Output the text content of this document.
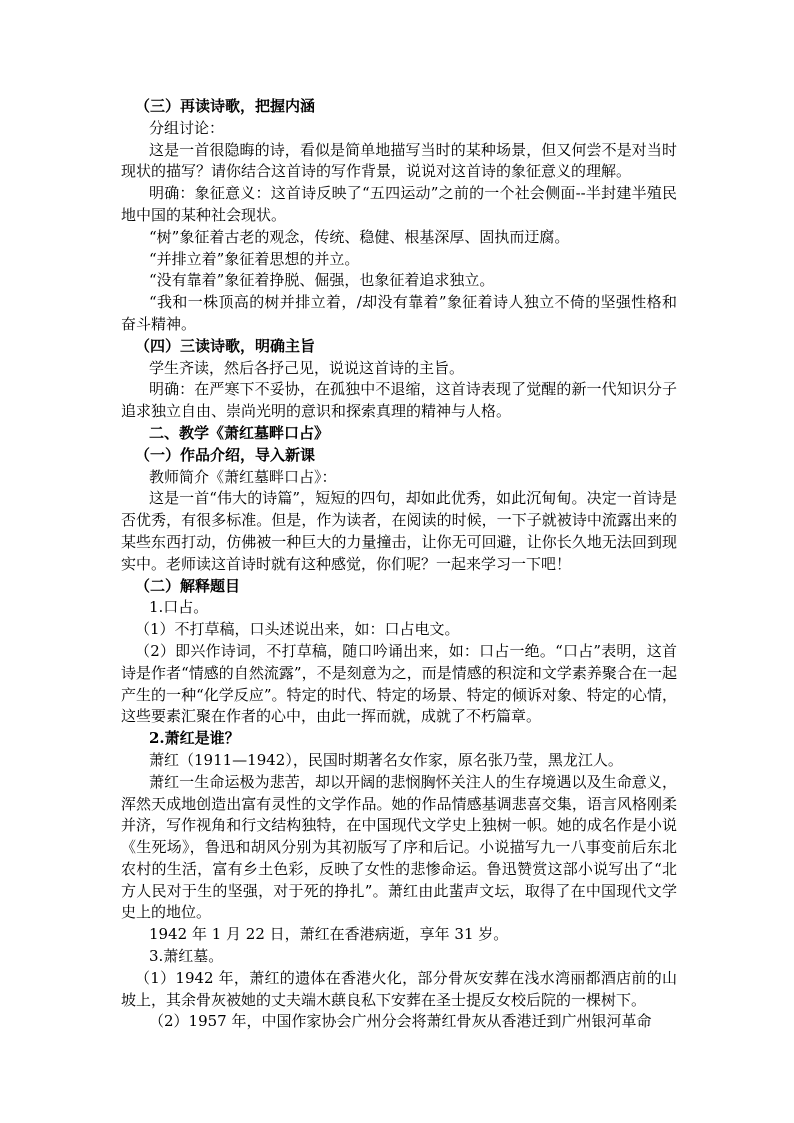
（三）再读诗歌，把握内涵

分组讨论：

这是一首很隐晦的诗，看似是简单地描写当时的某种场景，但又何尝不是对当时现状的描写？请你结合这首诗的写作背景，说说对这首诗的象征意义的理解。

明确：象征意义：这首诗反映了“五四运动”之前的一个社会侧面--半封建半殖民地中国的某种社会现状。

“树”象征着古老的观念，传统、稳健、根基深厚、固执而迂腐。

“并排立着”象征着思想的并立。

“没有靠着”象征着挣脱、倔强，也象征着追求独立。

“我和一株顶高的树并排立着，/却没有靠着”象征着诗人独立不倚的坚强性格和奋斗精神。

（四）三读诗歌，明确主旨

学生齐读，然后各抒己见，说说这首诗的主旨。

明确：在严寒下不妥协，在孤独中不退缩，这首诗表现了觉醒的新一代知识分子追求独立自由、崇尚光明的意识和探索真理的精神与人格。

二、教学《萧红墓畔口占》

（一）作品介绍，导入新课

教师简介《萧红墓畔口占》：

这是一首“伟大的诗篇”，短短的四句，却如此优秀，如此沉甸甸。决定一首诗是否优秀，有很多标准。但是，作为读者，在阅读的时候，一下子就被诗中流露出来的某些东西打动，仿佛被一种巨大的力量撞击，让你无可回避，让你长久地无法回到现实中。老师读这首诗时就有这种感觉，你们呢？一起来学习一下吧！

（二）解释题目

1.口占。

（1）不打草稿，口头述说出来，如：口占电文。

（2）即兴作诗词，不打草稿，随口吟诵出来，如：口占一绝。“口占”表明，这首诗是作者“情感的自然流露”，不是刻意为之，而是情感的积淀和文学素养聚合在一起产生的一种“化学反应”。特定的时代、特定的场景、特定的倾诉对象、特定的心情，这些要素汇聚在作者的心中，由此一挥而就，成就了不朽篇章。

2.萧红是谁？

萧红（1911—1942），民国时期著名女作家，原名张乃莹，黑龙江人。

萧红一生命运极为悲苦，却以开阔的悲悯胸怀关注人的生存境遇以及生命意义，浑然天成地创造出富有灵性的文学作品。她的作品情感基调悲喜交集，语言风格刚柔并济，写作视角和行文结构独特，在中国现代文学史上独树一帜。她的成名作是小说《生死场》，鲁迅和胡风分别为其初版写了序和后记。小说描写九一八事变前后东北农村的生活，富有乡土色彩，反映了女性的悲惨命运。鲁迅赞赏这部小说写出了“北方人民对于生的坚强，对于死的挣扎”。萧红由此蜚声文坛，取得了在中国现代文学史上的地位。

1942 年 1 月 22 日，萧红在香港病逝，享年 31 岁。

3.萧红墓。

（1）1942 年，萧红的遗体在香港火化，部分骨灰安葬在浅水湾丽都酒店前的山坡上，其余骨灰被她的丈夫端木蕻良私下安葬在圣士提反女校后院的一棵树下。

（2）1957 年，中国作家协会广州分会将萧红骨灰从香港迁到广州银河革命
